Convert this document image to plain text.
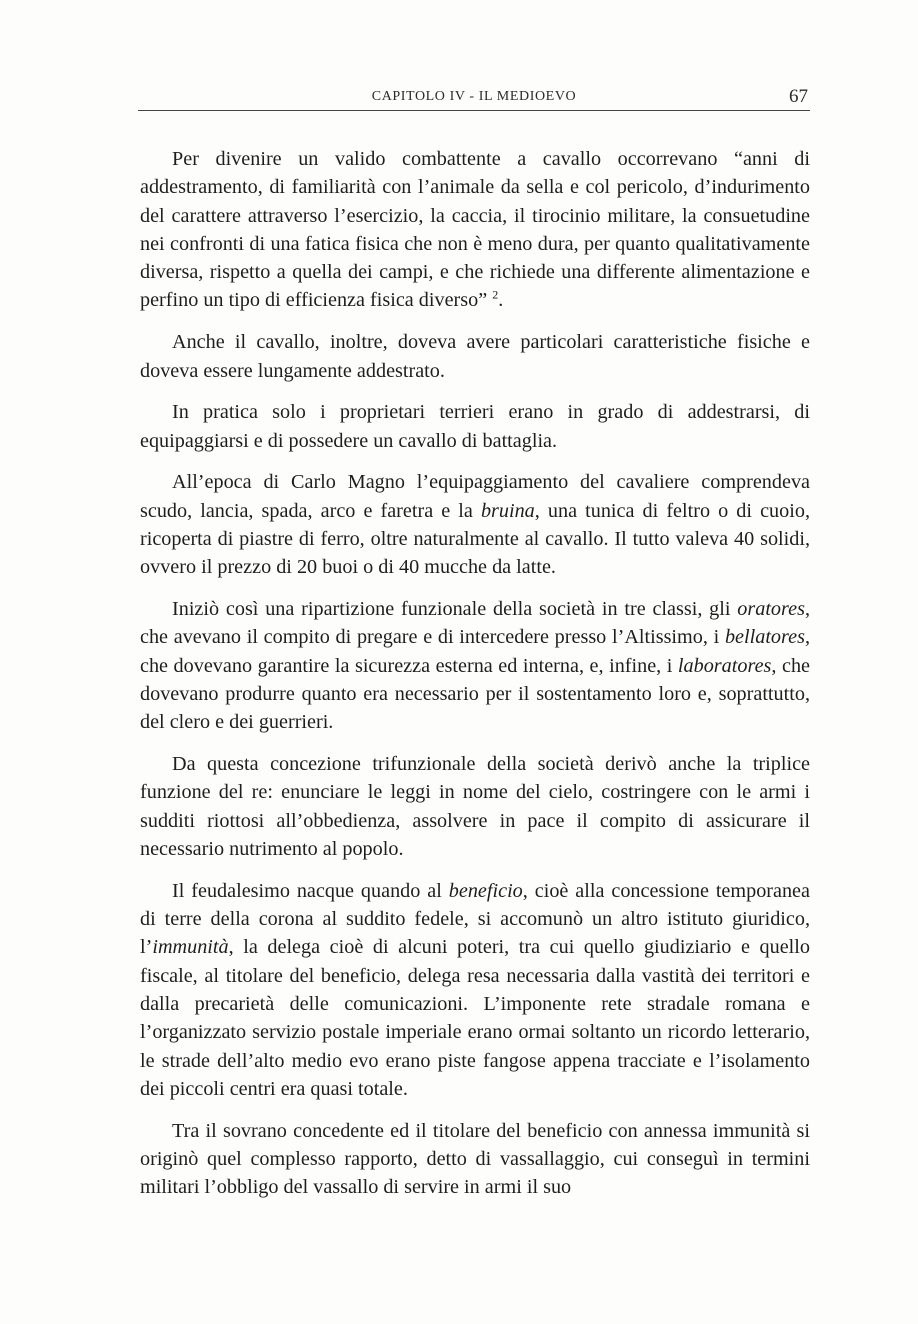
CAPITOLO IV - IL MEDIOEVO	67

Per divenire un valido combattente a cavallo occorrevano “anni di addestramento, di familiarità con l’animale da sella e col pericolo, d’indurimento del carattere attraverso l’esercizio, la caccia, il tirocinio militare, la consuetudine nei confronti di una fatica fisica che non è meno dura, per quanto qualitativamente diversa, rispetto a quella dei campi, e che richiede una differente alimentazione e perfino un tipo di efficienza fisica diverso” $^2$.

Anche il cavallo, inoltre, doveva avere particolari caratteristiche fisiche e doveva essere lungamente addestrato.

In pratica solo i proprietari terrieri erano in grado di addestrarsi, di equipaggiarsi e di possedere un cavallo di battaglia.

All’epoca di Carlo Magno l’equipaggiamento del cavaliere comprendeva scudo, lancia, spada, arco e faretra e la bruina, una tunica di feltro o di cuoio, ricoperta di piastre di ferro, oltre naturalmente al cavallo. Il tutto valeva 40 solidi, ovvero il prezzo di 20 buoi o di 40 mucche da latte.

Iniziò così una ripartizione funzionale della società in tre classi, gli oratores, che avevano il compito di pregare e di intercedere presso l’Altissimo, i bellatores, che dovevano garantire la sicurezza esterna ed interna, e, infine, i laboratores, che dovevano produrre quanto era necessario per il sostentamento loro e, soprattutto, del clero e dei guerrieri.

Da questa concezione trifunzionale della società derivò anche la triplice funzione del re: enunciare le leggi in nome del cielo, costringere con le armi i sudditi riottosi all’obbedienza, assolvere in pace il compito di assicurare il necessario nutrimento al popolo.

Il feudalesimo nacque quando al beneficio, cioè alla concessione temporanea di terre della corona al suddito fedele, si accomunò un altro istituto giuridico, l’immunità, la delega cioè di alcuni poteri, tra cui quello giudiziario e quello fiscale, al titolare del beneficio, delega resa necessaria dalla vastità dei territori e dalla precarietà delle comunicazioni. L’imponente rete stradale romana e l’organizzato servizio postale imperiale erano ormai soltanto un ricordo letterario, le strade dell’alto medio evo erano piste fangose appena tracciate e l’isolamento dei piccoli centri era quasi totale.

Tra il sovrano concedente ed il titolare del beneficio con annessa immunità si originò quel complesso rapporto, detto di vassallaggio, cui conseguì in termini militari l’obbligo del vassallo di servire in armi il suo
